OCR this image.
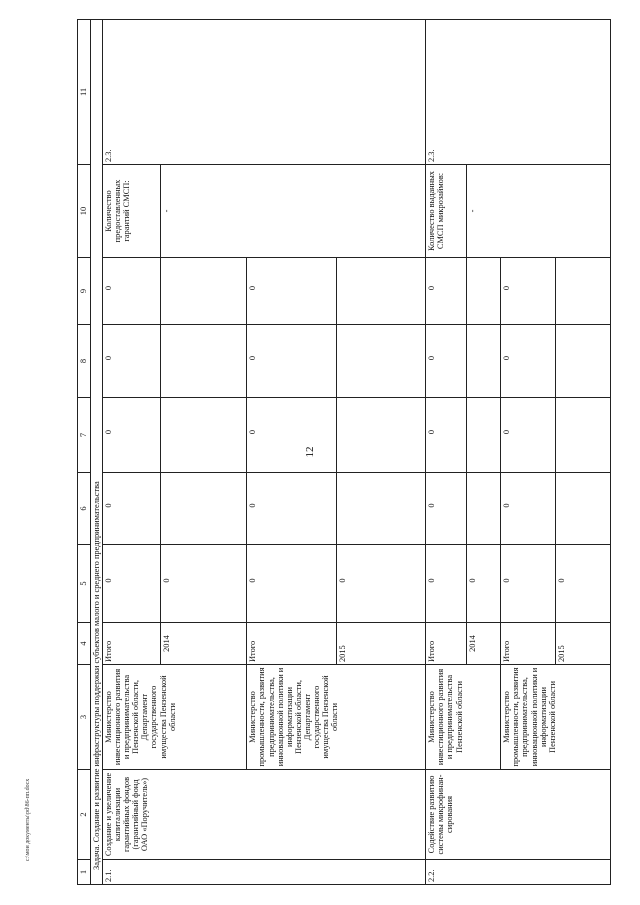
12
c:\мои документы\pd\86-пп.docx
1	2	3	4	5	6	7	8	9	10	11
Задача. Создание и развитие инфраструктуры поддержки субъектов малого и среднего предпринимательства										
2.1.	Создание и увеличение капитализации гарантийных фондов (гарантийный фонд ОАО «Поручитель»)	Министерство инвестиционного развития и предпринимательства Пензенской области, Департамент государственного имущества Пензенской области	Итого	0	0	0	0	0	Количество предоставленных гарантий СМСП:	2.3.
			2014	0					-	
		Министерство промышленности, развития предпринимательства, инновационной политики и информатизации Пензенской области, Департамент государственного имущества Пензенской области	Итого	0	0	0	0	0		
			2015	0						
2.2.	Содействие развитию системы микрофинан-сирования	Министерство инвестиционного развития и предпринимательства Пензенской области	Итого	0	0	0	0	0	Количество выданных СМСП микрозаймов:	2.3.
			2014	0					-	
		Министерство промышленности, развития предпринимательства, инновационной политики и информатизации Пензенской области	Итого	0	0	0	0	0		
			2015	0						
